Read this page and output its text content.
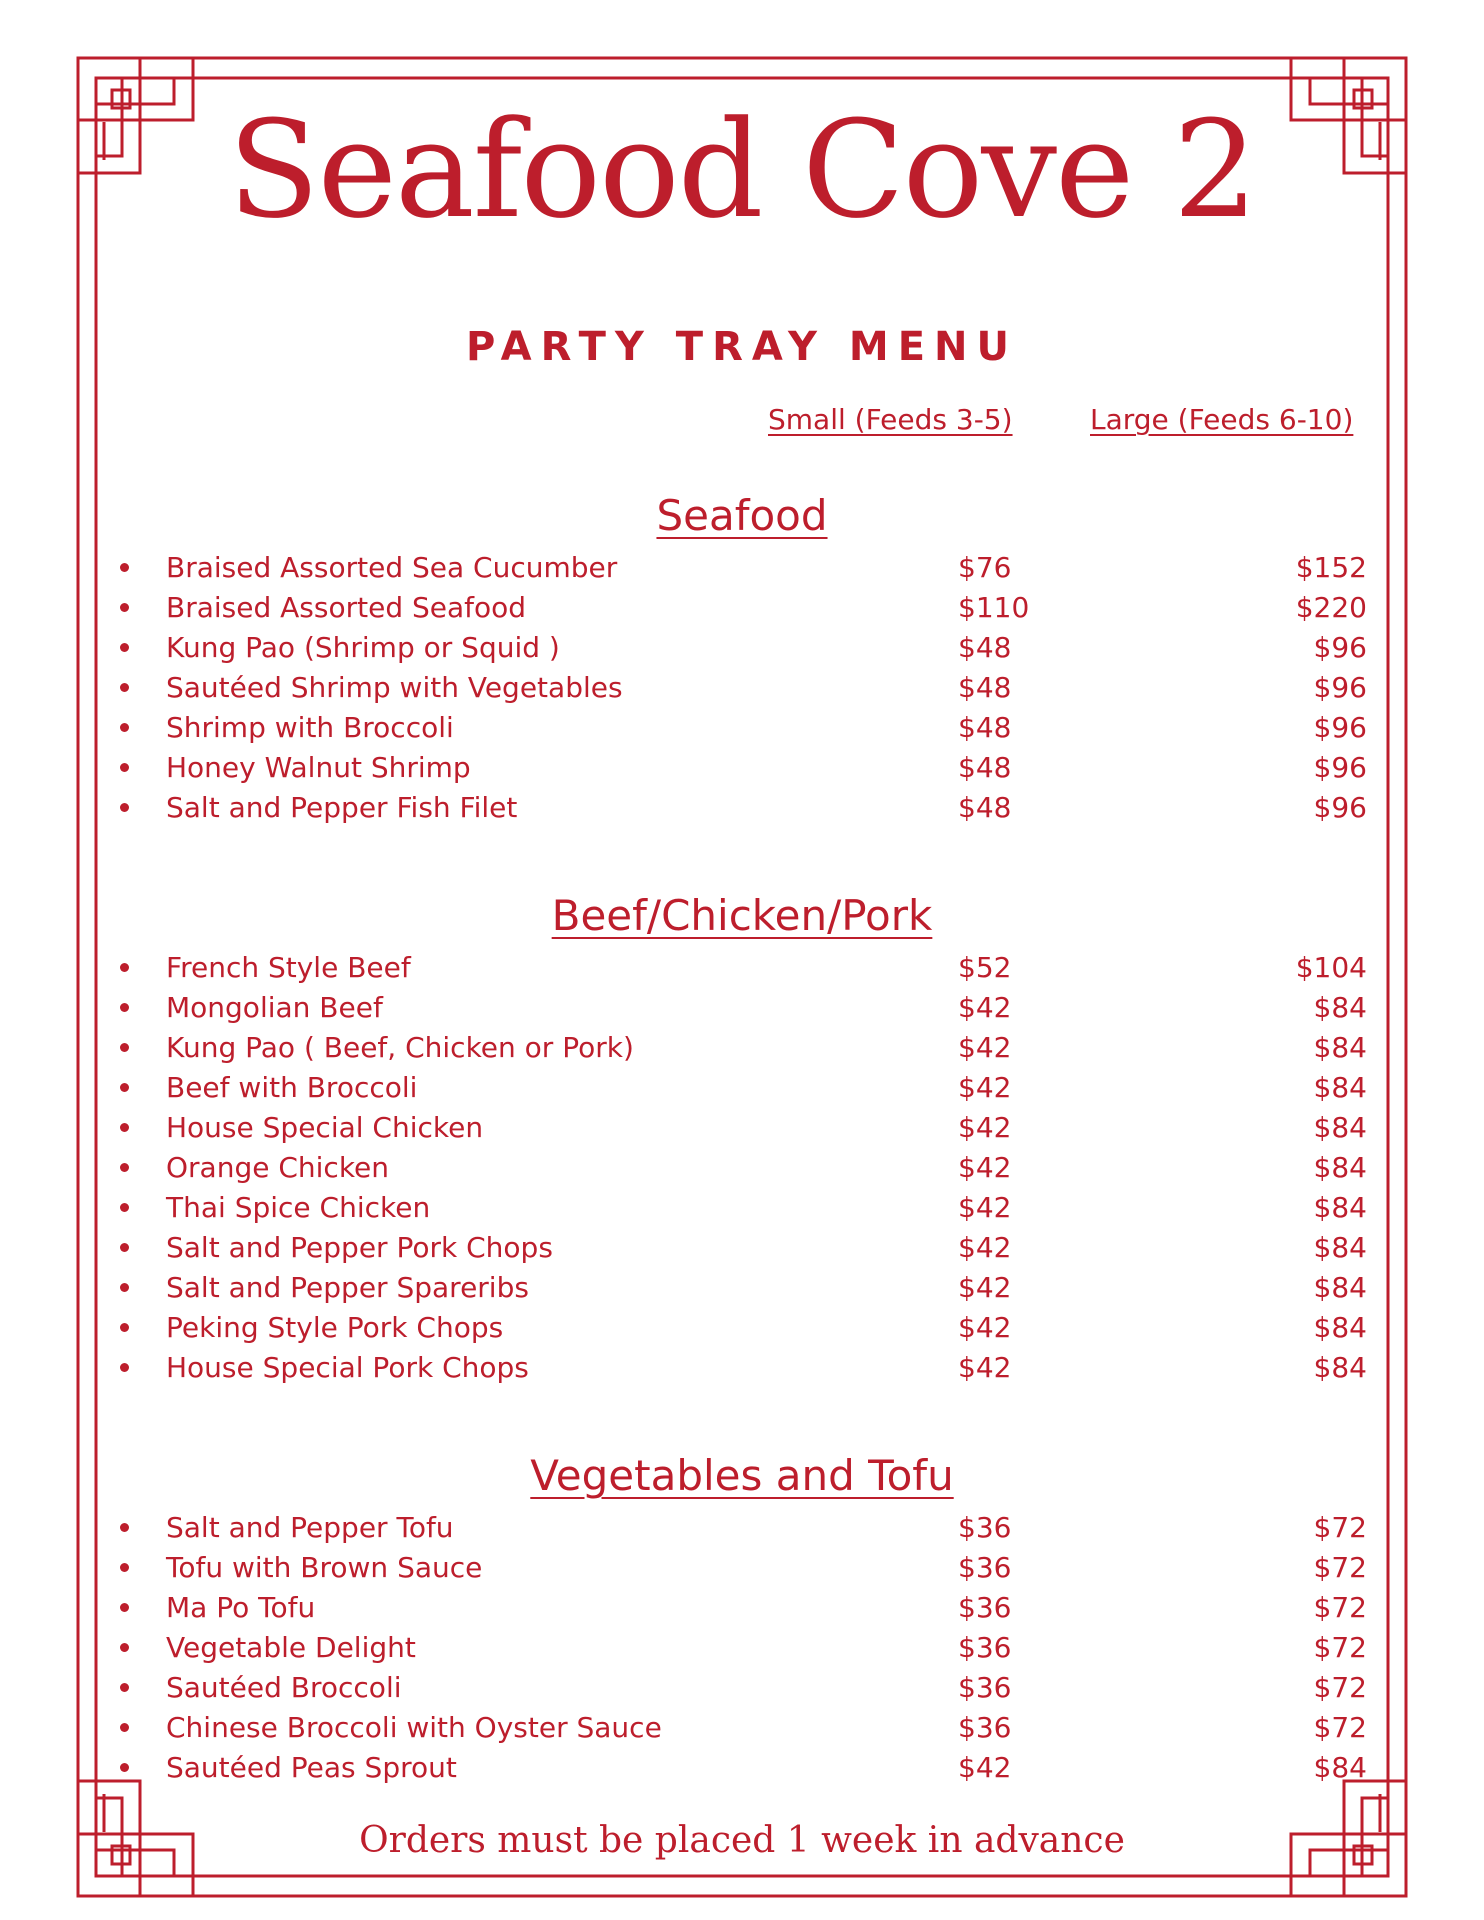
Seafood Cove 2
PARTY TRAY MENU
Small (Feeds 3-5)	Large (Feeds 6-10)
Seafood
Braised Assorted Sea Cucumber	$76	$152
Braised Assorted Seafood	$110	$220
Kung Pao (Shrimp or Squid )	$48	$96
Sautéed Shrimp with Vegetables	$48	$96
Shrimp with Broccoli	$48	$96
Honey Walnut Shrimp	$48	$96
Salt and Pepper Fish Filet	$48	$96
Beef/Chicken/Pork
French Style Beef	$52	$104
Mongolian Beef	$42	$84
Kung Pao ( Beef, Chicken or Pork)	$42	$84
Beef with Broccoli	$42	$84
House Special Chicken	$42	$84
Orange Chicken	$42	$84
Thai Spice Chicken	$42	$84
Salt and Pepper Pork Chops	$42	$84
Salt and Pepper Spareribs	$42	$84
Peking Style Pork Chops	$42	$84
House Special Pork Chops	$42	$84
Vegetables and Tofu
Salt and Pepper Tofu	$36	$72
Tofu with Brown Sauce	$36	$72
Ma Po Tofu	$36	$72
Vegetable Delight	$36	$72
Sautéed Broccoli	$36	$72
Chinese Broccoli with Oyster Sauce	$36	$72
Sautéed Peas Sprout	$42	$84
Orders must be placed 1 week in advance
